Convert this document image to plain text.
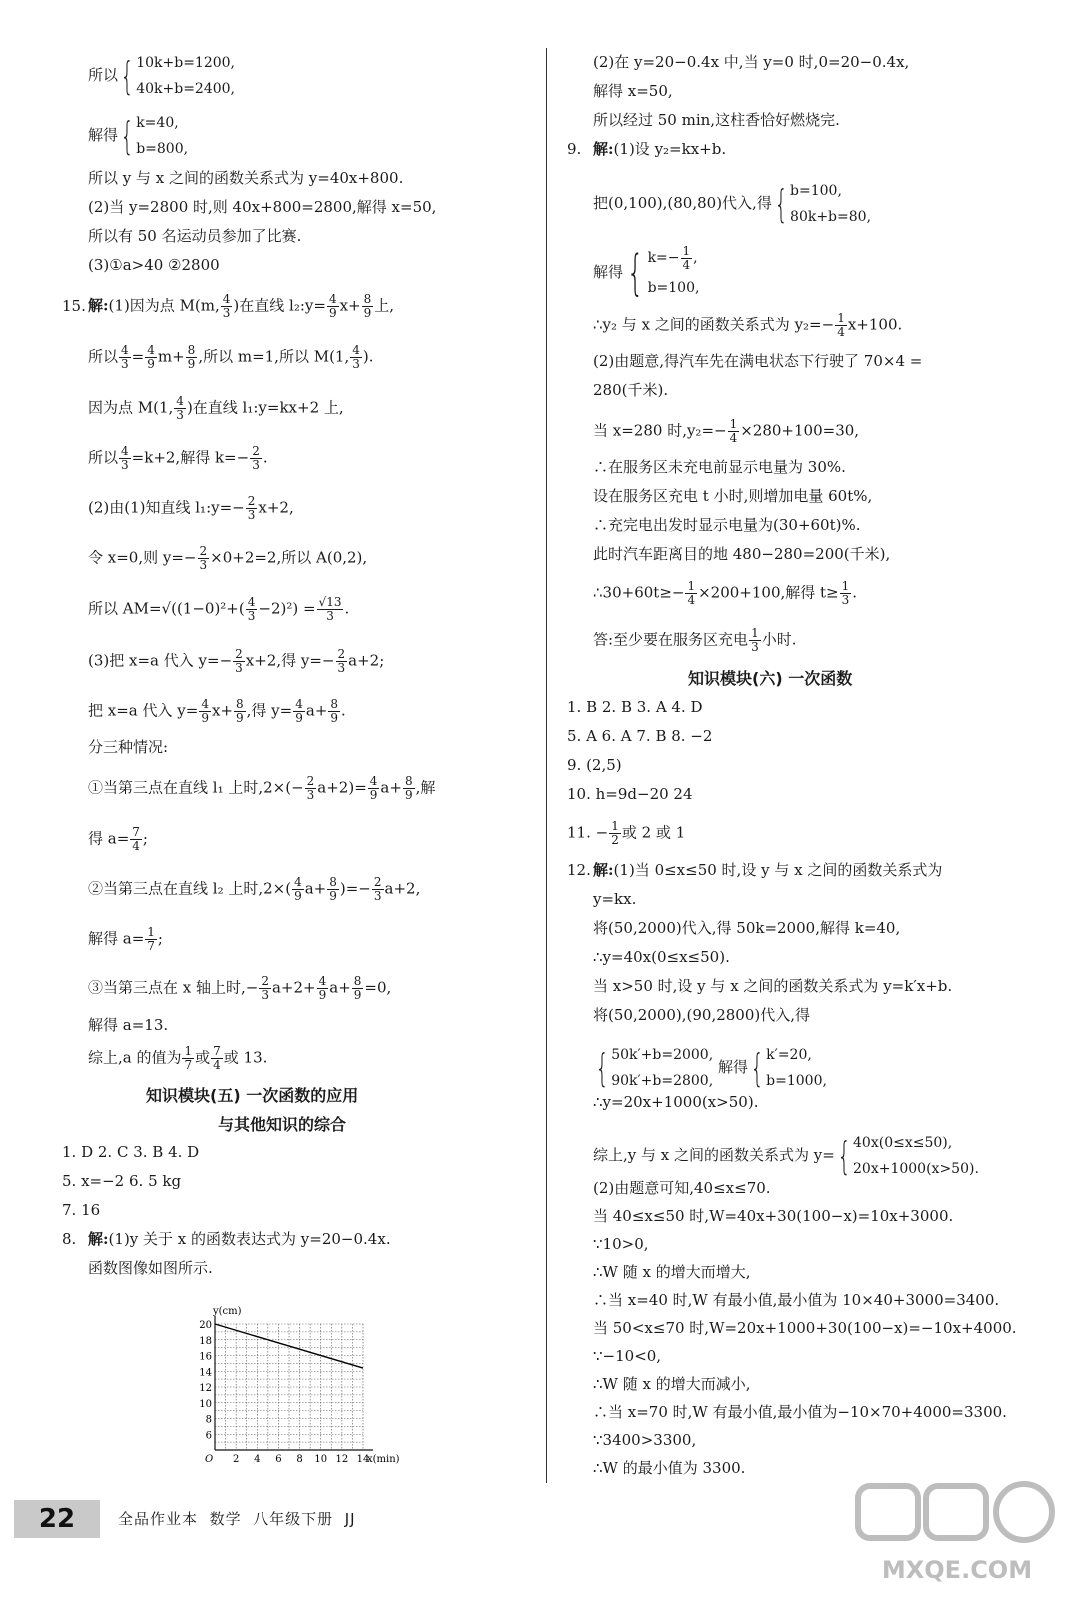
所以{ 10k+b=1200,
40k+b=2400,
解得{ k=40,
b=800,
所以 y 与 x 之间的函数关系式为 y=40x+800.
(2)当 y=2800 时,则 40x+800=2800,解得 x=50,
所以有 50 名运动员参加了比赛.
(3)①a>40 ②2800
15. 解:(1)因为点 M(m, $\frac{4}{3}$ )在直线 l₂:y= $\frac{4}{9} x+ \frac{8}{9}$ 上,
所以 $\frac{4}{3} = \frac{4}{9} m+ \frac{8}{9}$ ,所以 m=1,所以 M(1, $\frac{4}{3}$ ).
因为点 M(1, $\frac{4}{3}$ )在直线 l₁:y=kx+2 上,
所以 $\frac{4}{3} =k+2$,解得 $k=- \frac{2}{3}$ .
(2)由(1)知直线 l₁:y=− $\frac{2}{3} x+2$,
令 x=0,则 $y=- \frac{2}{3} \times 0+2=2$,所以 A(0,2),
所以 $AM=√((1-0)^2+( \frac{4}{3} -2)^2) = \frac{√13}{3}$ .
(3)把 x=a 代入 $y=- \frac{2}{3} x+2$,得 $y=- \frac{2}{3} a+2$;
把 x=a 代入 $y= \frac{4}{9} x+ \frac{8}{9}$ ,得 $y= \frac{4}{9} a+ \frac{8}{9}$ .
分三种情况:
①当第三点在直线 l₁ 上时$,2\times(- \frac{2}{3} a+2)= \frac{4}{9} a+ \frac{8}{9}$ ,解
得 $a= \frac{7}{4}$ ;
②当第三点在直线 l₂ 上时$,2\times( \frac{4}{9} a+ \frac{8}{9}$ )=− $\frac{2}{3} a+2$,
解得 $a= \frac{1}{7}$ ;
③当第三点在 x 轴上时,− $\frac{2}{3} a+2+ \frac{4}{9} a+ \frac{8}{9} =0$,
解得 a=13.
综上,a 的值为 $\frac{1}{7}$ 或 $\frac{7}{4}$ 或 13.
知识模块(五) 一次函数的应用
与其他知识的综合
1. D 2. C 3. B 4. D
5. x=−2 6. 5 kg
7. 16
8. 解:(1)y 关于 x 的函数表达式为 y=20−0.4x.
函数图像如图所示.
2 4 6 8 10 12 14
6
8
10
12
14
16
18
20
O	x(min)
y(cm)
(2)在 y=20−0.4x 中,当 y=0 时,0=20−0.4x,
解得 x=50,
所以经过 50 min,这柱香恰好燃烧完.
9. 解:(1)设 y₂=kx+b.
把(0,100),(80,80)代入,得{ b=100,
80k+b=80,
解得{ $k=- \frac{1}{4}$ ,
b=100,
∴y₂ 与 x 之间的函数关系式为 $y_2=- \frac{1}{4} x+100$.
(2)由题意,得汽车先在满电状态下行驶了 70×4 =
280(千米).
当 x=280 时$,y_2=- \frac{1}{4} \times 280+100=30$,
∴在服务区未充电前显示电量为 30%.
设在服务区充电 t 小时,则增加电量 60t%,
∴充完电出发时显示电量为(30+60t)%.
此时汽车距离目的地 480−280=200(千米),
∴30+60t≥− $\frac{1}{4} \times 200+100$,解得 $t\ge \frac{1}{3}$ .
答:至少要在服务区充电 $\frac{1}{3}$ 小时.
知识模块(六) 一次函数
1. B 2. B 3. A 4. D
5. A 6. A 7. B 8. −2
9. (2,5)
10. h=9d−20 24
11. − $\frac{1}{2}$ 或 2 或 1
12. 解:(1)当 0≤x≤50 时,设 y 与 x 之间的函数关系式为
y=kx.
将(50,2000)代入,得 50k=2000,解得 k=40,
∴y=40x(0≤x≤50).
当 x>50 时,设 y 与 x 之间的函数关系式为 y=k′x+b.
将(50,2000),(90,2800)代入,得
{ 50k′+b=2000,
90k′+b=2800,
解得{ k′=20,
b=1000,
∴y=20x+1000(x>50).
综上,y 与 x 之间的函数关系式为 y={ 40x(0≤x≤50),
20x+1000(x>50).
(2)由题意可知,40≤x≤70.
当 40≤x≤50 时,W=40x+30(100−x)=10x+3000.
∵10>0,
∴W 随 x 的增大而增大,
∴当 x=40 时,W 有最小值,最小值为 10×40+3000=3400.
当 50<x≤70 时,W=20x+1000+30(100−x)=−10x+4000.
∵−10<0,
∴W 随 x 的增大而减小,
∴当 x=70 时,W 有最小值,最小值为−10×70+4000=3300.
∵3400>3300,
∴W 的最小值为 3300.
22	全品作业本 数学 八年级下册 JJ
MXQE.COM
